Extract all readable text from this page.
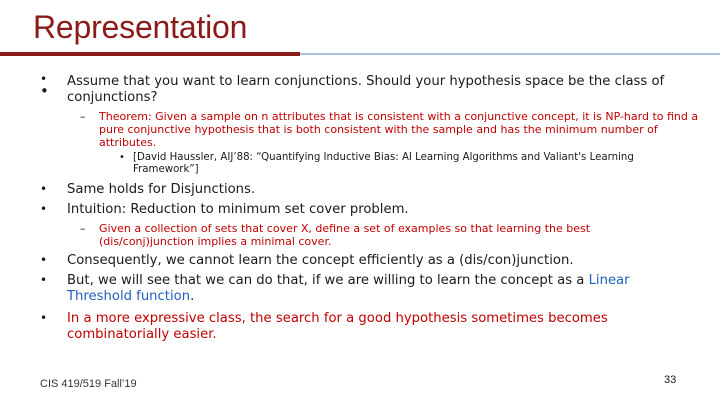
Representation
•
•
Assume that you want to learn conjunctions. Should your hypothesis space be the class of conjunctions?
– Theorem: Given a sample on n attributes that is consistent with a conjunctive concept, it is NP-hard to find a pure conjunctive hypothesis that is both consistent with the sample and has the minimum number of attributes.
• [David Haussler, AIJ’88: “Quantifying Inductive Bias: AI Learning Algorithms and Valiant's Learning Framework”]
• Same holds for Disjunctions.
• Intuition: Reduction to minimum set cover problem.
– Given a collection of sets that cover X, define a set of examples so that learning the best (dis/conj)junction implies a minimal cover.
• Consequently, we cannot learn the concept efficiently as a (dis/con)junction.
• But, we will see that we can do that, if we are willing to learn the concept as a Linear Threshold function.
• In a more expressive class, the search for a good hypothesis sometimes becomes combinatorially easier.
CIS 419/519 Fall’19	33
